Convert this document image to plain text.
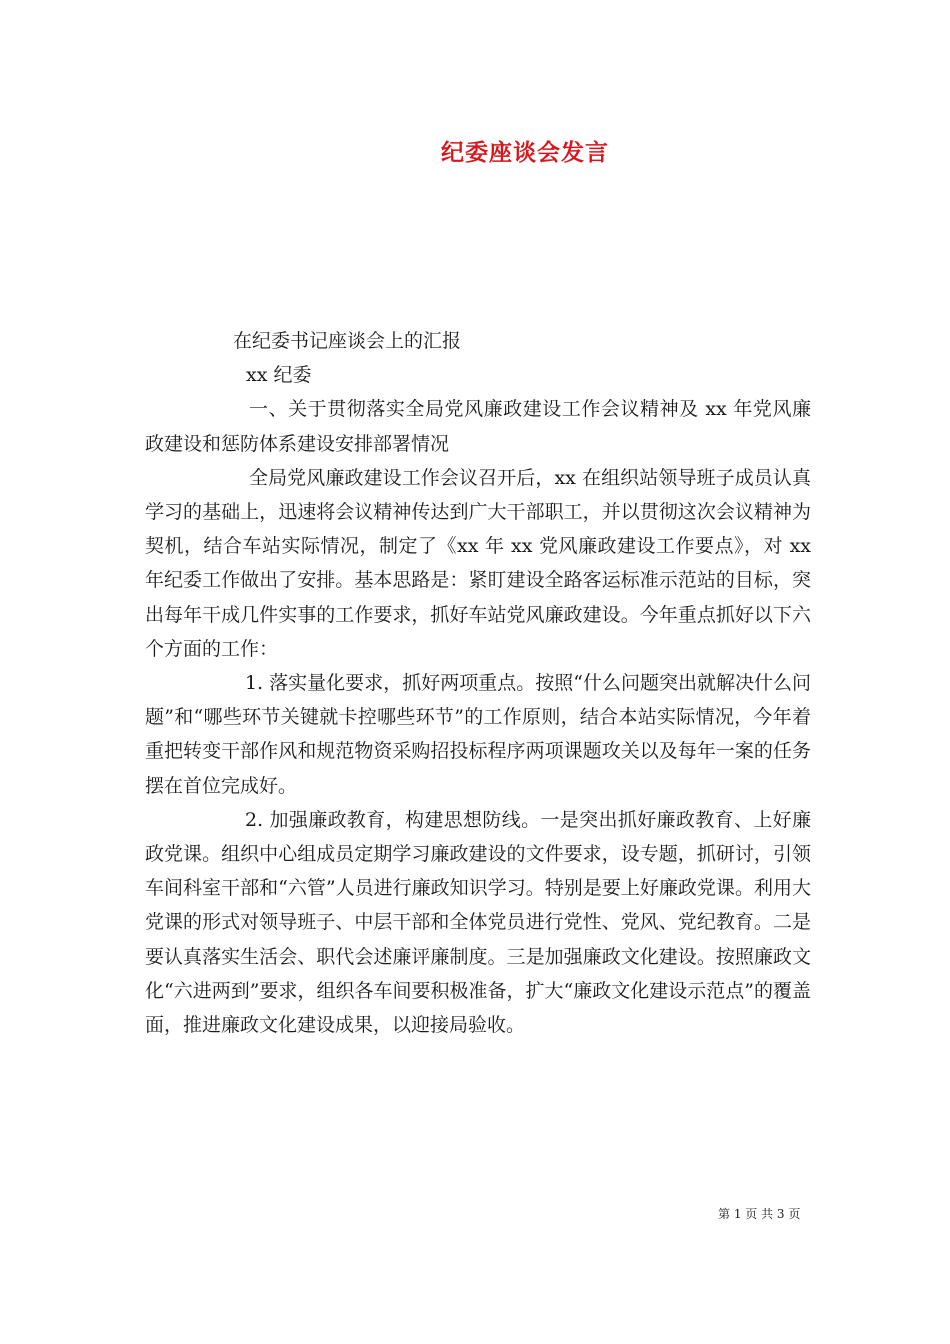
纪委座谈会发言

在纪委书记座谈会上的汇报

xx 纪委

一、关于贯彻落实全局党风廉政建设工作会议精神及 xx 年党风廉政建设和惩防体系建设安排部署情况

全局党风廉政建设工作会议召开后，xx 在组织站领导班子成员认真学习的基础上，迅速将会议精神传达到广大干部职工，并以贯彻这次会议精神为契机，结合车站实际情况，制定了《xx 年 xx 党风廉政建设工作要点》，对 xx 年纪委工作做出了安排。基本思路是：紧盯建设全路客运标准示范站的目标，突出每年干成几件实事的工作要求，抓好车站党风廉政建设。今年重点抓好以下六个方面的工作：

1. 落实量化要求，抓好两项重点。按照“什么问题突出就解决什么问题”和“哪些环节关键就卡控哪些环节”的工作原则，结合本站实际情况，今年着重把转变干部作风和规范物资采购招投标程序两项课题攻关以及每年一案的任务摆在首位完成好。

2. 加强廉政教育，构建思想防线。一是突出抓好廉政教育、上好廉政党课。组织中心组成员定期学习廉政建设的文件要求，设专题，抓研讨，引领车间科室干部和“六管”人员进行廉政知识学习。特别是要上好廉政党课。利用大党课的形式对领导班子、中层干部和全体党员进行党性、党风、党纪教育。二是要认真落实生活会、职代会述廉评廉制度。三是加强廉政文化建设。按照廉政文化“六进两到”要求，组织各车间要积极准备，扩大“廉政文化建设示范点”的覆盖面，推进廉政文化建设成果，以迎接局验收。

第 1 页 共 3 页
